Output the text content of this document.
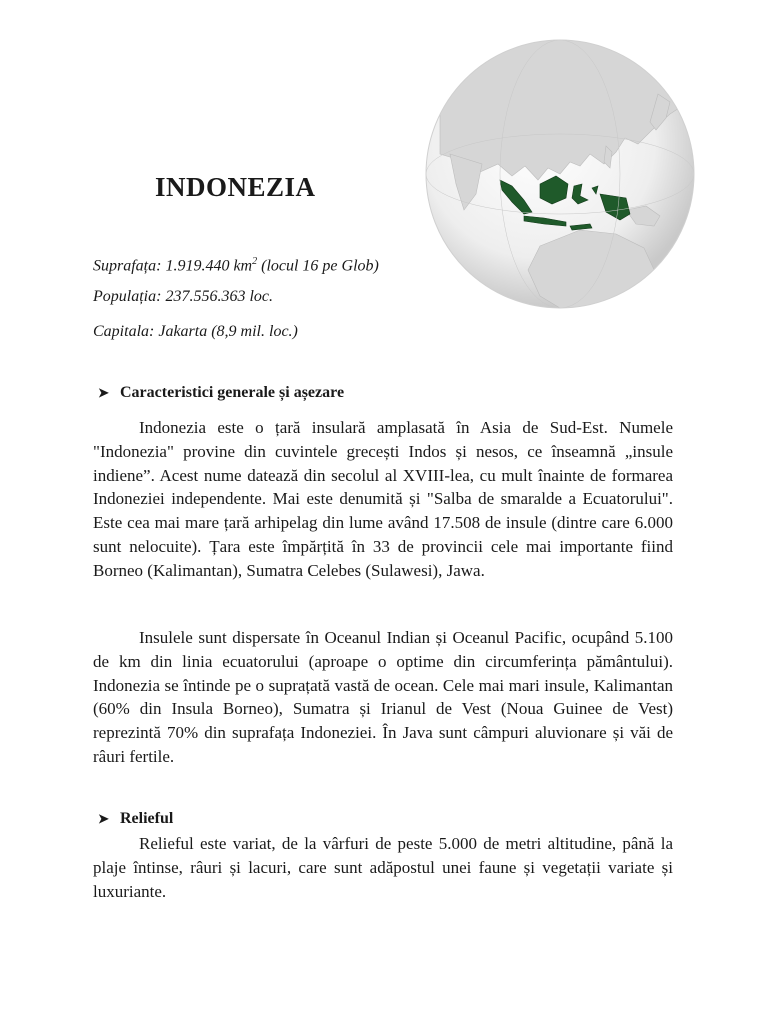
INDONEZIA
Suprafața: 1.919.440 $km^2$ (locul 16 pe Glob)
Populația: 237.556.363 loc.
Capitala: Jakarta (8,9 mil. loc.)
➤ Caracteristici generale și așezare

Indonezia este o țară insulară amplasată în Asia de Sud-Est. Numele "Indonezia" provine din cuvintele grecești Indos și nesos, ce înseamnă „insule indiene”. Acest nume datează din secolul al XVIII-lea, cu mult înainte de formarea Indoneziei independente. Mai este denumită și "Salba de smaralde a Ecuatorului". Este cea mai mare țară arhipelag din lume având 17.508 de insule (dintre care 6.000 sunt nelocuite). Țara este împărțită în 33 de provincii cele mai importante fiind Borneo (Kalimantan), Sumatra Celebes (Sulawesi), Jawa.

Insulele sunt dispersate în Oceanul Indian și Oceanul Pacific, ocupând 5.100 de km din linia ecuatorului (aproape o optime din circumferința pământului). Indonezia se întinde pe o suprațată vastă de ocean. Cele mai mari insule, Kalimantan (60% din Insula Borneo), Sumatra și Irianul de Vest (Noua Guinee de Vest) reprezintă 70% din suprafața Indoneziei. În Java sunt câmpuri aluvionare și văi de râuri fertile.

➤ Relieful

Relieful este variat, de la vârfuri de peste 5.000 de metri altitudine, până la plaje întinse, râuri și lacuri, care sunt adăpostul unei faune și vegetații variate și luxuriante.
